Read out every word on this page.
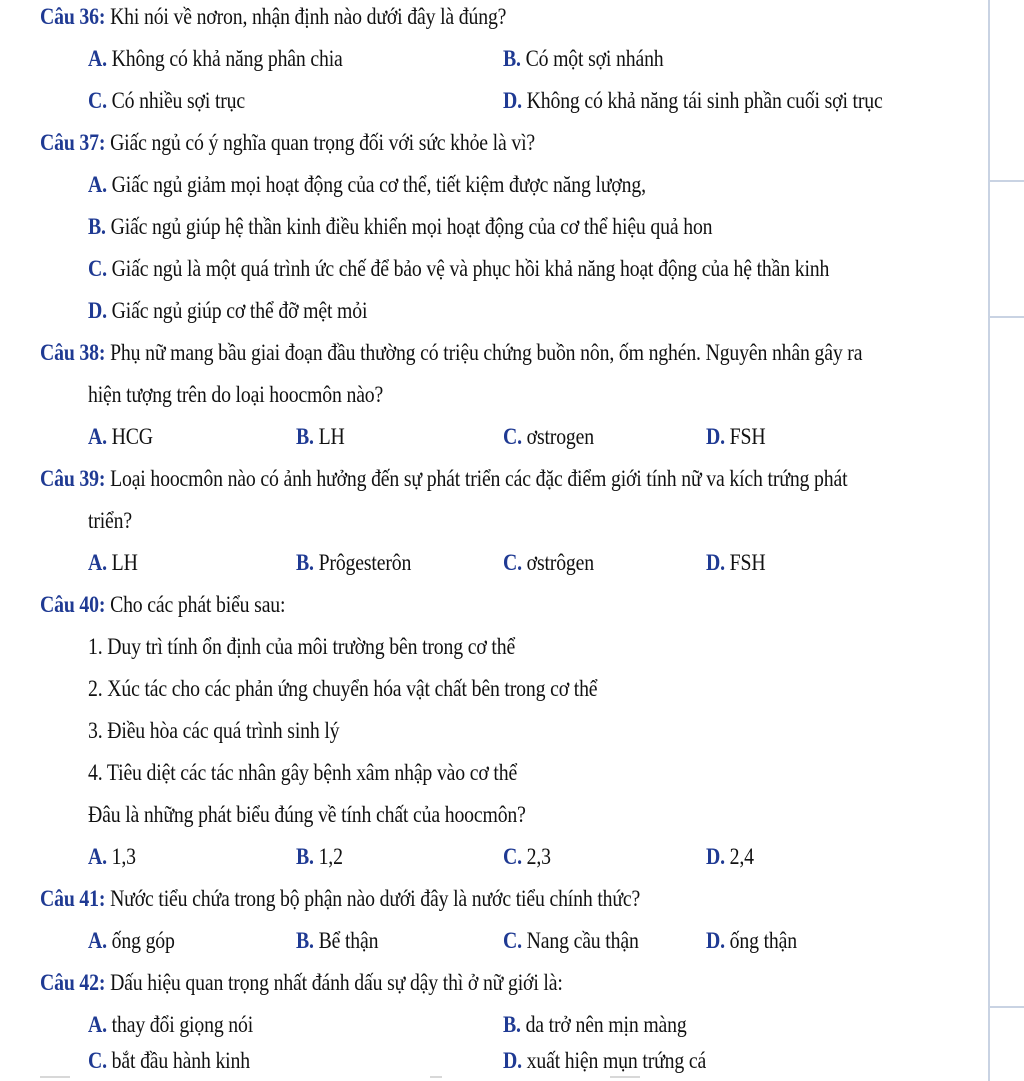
Câu 36: Khi nói về nơron, nhận định nào dưới đây là đúng?
A. Không có khả năng phân chia	B. Có một sợi nhánh
C. Có nhiều sợi trục	D. Không có khả năng tái sinh phần cuối sợi trục
Câu 37: Giấc ngủ có ý nghĩa quan trọng đối với sức khỏe là vì?
A. Giấc ngủ giảm mọi hoạt động của cơ thể, tiết kiệm được năng lượng,
B. Giấc ngủ giúp hệ thần kinh điều khiển mọi hoạt động của cơ thể hiệu quả hon
C. Giấc ngủ là một quá trình ức chế để bảo vệ và phục hồi khả năng hoạt động của hệ thần kinh
D. Giấc ngủ giúp cơ thể đỡ mệt mỏi
Câu 38: Phụ nữ mang bầu giai đoạn đầu thường có triệu chứng buồn nôn, ốm nghén. Nguyên nhân gây ra
hiện tượng trên do loại hoocmôn nào?
A. HCG	B. LH	C. ơstrogen	D. FSH
Câu 39: Loại hoocmôn nào có ảnh hưởng đến sự phát triển các đặc điểm giới tính nữ va kích trứng phát
triển?
A. LH	B. Prôgesterôn	C. ơstrôgen	D. FSH
Câu 40: Cho các phát biểu sau:
1. Duy trì tính ổn định của môi trường bên trong cơ thể
2. Xúc tác cho các phản ứng chuyển hóa vật chất bên trong cơ thể
3. Điều hòa các quá trình sinh lý
4. Tiêu diệt các tác nhân gây bệnh xâm nhập vào cơ thể
Đâu là những phát biểu đúng về tính chất của hoocmôn?
A. 1,3	B. 1,2	C. 2,3	D. 2,4
Câu 41: Nước tiểu chứa trong bộ phận nào dưới đây là nước tiểu chính thức?
A. ống góp	B. Bể thận	C. Nang cầu thận	D. ống thận
Câu 42: Dấu hiệu quan trọng nhất đánh dấu sự dậy thì ở nữ giới là:
A. thay đổi giọng nói	B. da trở nên mịn màng
C. bắt đầu hành kinh	D. xuất hiện mụn trứng cá
